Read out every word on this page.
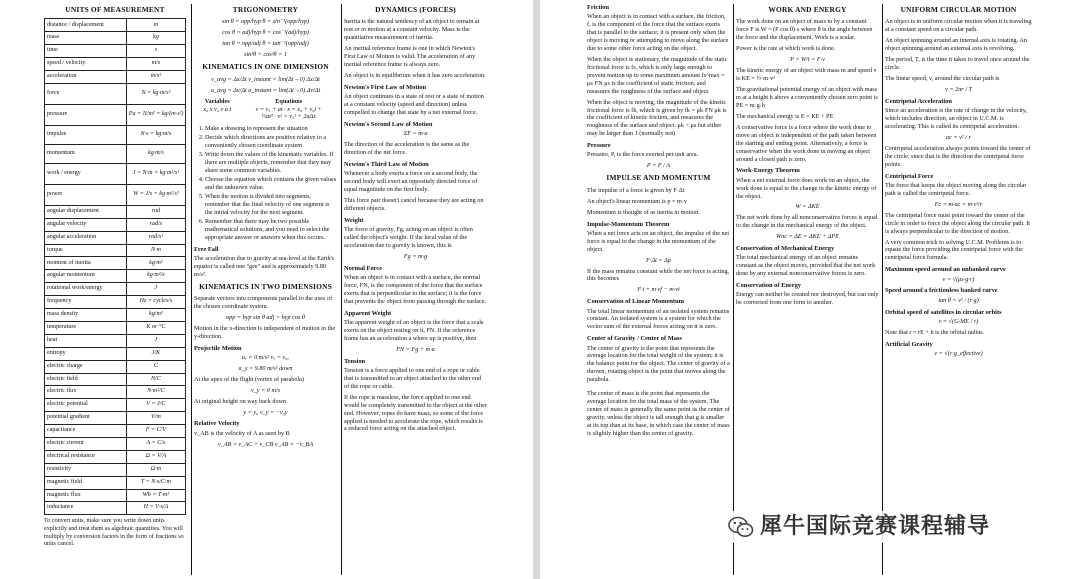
UNITS OF MEASUREMENT
distance / displacement	m
mass	kg
time	s
speed / velocity	m/s
acceleration	m/s²
force	N = kg·m/s²
pressure	Pa = N/m² = kg/(m·s²)
impulse	N·s = kg·m/s
momentum	kg·m/s
work / energy	J = N·m = kg·m²/s²
power	W = J/s = kg·m²/s³
angular displacement	rad
angular velocity	rad/s
angular acceleration	rad/s²
torque	N·m
moment of inertia	kg·m²
angular momentum	kg·m²/s
rotational work/energy	J
frequency	Hz = cycles/s
mass density	kg/m³
temperature	K or °C
heat	J
entropy	J/K
electric charge	C
electric field	N/C
electric flux	N·m²/C
electric potential	V = J/C
potential gradient	V/m
capacitance	F = C/V
electric current	A = C/s
electrical resistance	Ω = V/A
resistivity	Ω·m
magnetic field	T = N·s/C·m
magnetic flux	Wb = T·m²
inductance	H = V·s/A

To convert units, make sure you write down units explicitly and treat them as algebraic quantities. You will multiply by conversion factors in the form of fractions so units cancel.

TRIGONOMETRY

sin θ = opp/hyp θ = sin⁻¹(opp/hyp)

cos θ = adj/hyp θ = cos⁻¹(adj/hyp)

tan θ = opp/adj θ = tan⁻¹(opp/adj)

sin²θ + cos²θ = 1

KINEMATICS IN ONE DIMENSION

v_avg = Δx/Δt v_instant = lim(Δt→0) Δx/Δt

a_avg = Δv/Δt a_instant = lim(Δt→0) Δv/Δt

Variables
x₀ x v₀ v a t
Equations
v = v₀ + at · x = x₀ + v₀t + ½at² · v² = v₀² + 2aΔx
1. Make a drawing to represent the situation
2. Decide which directions are positive relative to a conveniently chosen coordinate system
3. Write down the values of the kinematic variables. If there are multiple objects, remember that they may share some common variables.
4. Choose the equation which contains the given values and the unknown value.
5. When the motion is divided into segments, remember that the final velocity of one segment is the initial velocity for the next segment.
6. Remember that there may be two possible mathematical solutions, and you need to select the appropriate answer or answers when this occurs.
Free Fall

The acceleration due to gravity at sea-level at the Earth's equator is called one "gee" and is approximately 9.80 m/s².

KINEMATICS IN TWO DIMENSIONS

Separate vectors into components parallel to the axes of the chosen coordinate system.

opp = hyp sin θ adj = hyp cos θ

Motion in the x-direction is independent of motion in the y-direction.

Projectile Motion

aₓ = 0 m/s² vₓ = v₀ₓ

a_y = 9.80 m/s² down

At the apex of the flight (vertex of parabola)

v_y = 0 m/s

At original height on way back down

y = y₀ v_y = −v₀y

Relative Velocity

v_AB is the velocity of A as seen by B

v_AB = v_AC + v_CB v_AB = −v_BA

DYNAMICS (FORCES)

Inertia is the natural tendency of an object to remain at rest or in motion at a constant velocity. Mass is the quantitative measurement of inertia.

An inertial reference frame is one in which Newton's First Law of Motion is valid. The acceleration of any inertial reference frame is always zero.

An object is in equilibrium when it has zero acceleration.

Newton's First Law of Motion

An object continues in a state of rest or a state of motion at a constant velocity (speed and direction) unless compelled to change that state by a net external force.

Newton's Second Law of Motion

ΣF = m·a

The direction of the acceleration is the same as the direction of the net force.

Newton's Third Law of Motion

Whenever a body exerts a force on a second body, the second body will exert an oppositely directed force of equal magnitude on the first body.

This force pair doesn't cancel because they are acting on different objects.

Weight

The force of gravity, Fg, acting on an object is often called the object's weight. If the local value of the acceleration due to gravity is known, this is

Fg = m·g

Normal Force

When an object is in contact with a surface, the normal force, FN, is the component of the force that the surface exerts that is perpendicular to the surface; it is the force that prevents the object from passing through the surface.

Apparent Weight

The apparent weight of an object is the force that a scale exerts on the object resting on it, FN. If the reference frame has an acceleration a where up is positive, then

FN = Fg + m·a

Tension

Tension is a force applied to one end of a rope or cable that is transmitted to an object attached to the other end of the rope or cable.

If the rope is massless, the force applied to one end would be completely transmitted to the object at the other end. However, ropes do have mass, so some of the force applied is needed to accelerate the rope, which results is a reduced force acting on the attached object.

Friction

When an object is in contact with a surface, the friction, f, is the component of the force that the surface exerts that is parallel to the surface; it is present only when the object is moving or attempting to move along the surface due to some other force acting on the object.

When the object is stationary, the magnitude of the static frictional force is fs, which is only large enough to prevent motion up to some maximum amount fs^max = μs·FN μs is the coefficient of static friction, and measures the roughness of the surface and object.

When the object is moving, the magnitude of the kinetic frictional force is fk, which is given by fk = μk·FN μk is the coefficient of kinetic friction, and measures the roughness of the surface and object. μk < μs but either may be larger than 1 (normally not)

Pressure

Pressure, P, is the force exerted per unit area.

P = F / A

IMPULSE AND MOMENTUM

The impulse of a force is given by F·Δt

An object's linear momentum is p = m·v

Momentum is thought of as inertia in motion.

Impulse-Momentum Theorem

When a net force acts on an object, the impulse of the net force is equal to the change in the momentum of the object.

F·Δt = Δp

If the mass remains constant while the net force is acting, this becomes

F·t = m·vf − m·vi

Conservation of Linear Momentum

The total linear momentum of an isolated system remains constant. An isolated system is a system for which the vector sum of the external forces acting on it is zero.

Center of Gravity / Center of Mass

The center of gravity is the point that represents the average location for the total weight of the system; it is the balance point for the object. The center of gravity of a thrown, rotating object is the point that moves along the parabola.

The center of mass is the point that represents the average location for the total mass of the system. The center of mass is generally the same point as the center of gravity, unless the object is tall enough that g is smaller at its top than at its base, in which case the center of mass is slightly higher than the center of gravity.

WORK AND ENERGY

The work done on an object of mass m by a constant force F is W = (F cos θ)·s where θ is the angle between the force and the displacement. Work is a scalar.

Power is the rate at which work is done.

P = W/t = F·v

The kinetic energy of an object with mass m and speed v is KE = ½·m·v²

The gravitational potential energy of an object with mass m at a height h above a conveniently chosen zero point is PE = m·g·h

The mechanical energy is E = KE + PE

A conservative force is a force where the work done to move an object is independent of the path taken between the starting and ending point. Alternatively, a force is conservative when the work done in moving an object around a closed path is zero.

Work-Energy Theorem

When a net external force does work on an object, the work done is equal to the change in the kinetic energy of the object.

W = ΔKE

The net work done by all nonconservative forces is equal to the change in the mechanical energy of the object.

Wnc = ΔE = ΔKE + ΔPE

Conservation of Mechanical Energy

The total mechanical energy of an object remains constant as the object moves, provided that the net work done by any external nonconservative forces is zero.

Conservation of Energy

Energy can neither be created nor destroyed, but can only be converted from one form to another.

UNIFORM CIRCULAR MOTION

An object is in uniform circular motion when it is traveling at a constant speed on a circular path.

An object spinning around an internal axis is rotating. An object spinning around an external axis is revolving.

The period, T, is the time it takes to travel once around the circle.

The linear speed, v, around the circular path is

v = 2πr / T

Centripetal Acceleration

Since an acceleration is the rate of change in the velocity, which includes direction, an object in U.C.M. is accelerating. This is called its centripetal acceleration.

ac = v² / r

Centripetal acceleration always points toward the center of the circle, since that is the direction the centripetal force points.

Centripetal Force

The force that keeps the object moving along the circular path is called the centripetal force.

Fc = m·ac = m·v²/r

The centripetal force must point toward the center of the circle in order to force the object along the circular path. It is always perpendicular to the direction of motion.

A very common trick to solving U.C.M. Problems is to equate the force providing the centripetal force with the centripetal force formula.

Maximum speed around an unbanked curve

v = √(μs·g·r)

Speed around a frictionless banked curve

tan θ = v² / (r·g)

Orbital speed of satellites in circular orbits

v = √(G·ME / r)

Note that r = rE + h is the orbital radius.

Artificial Gravity

v = √(r·g_effective)

犀牛国际竞赛课程辅导
